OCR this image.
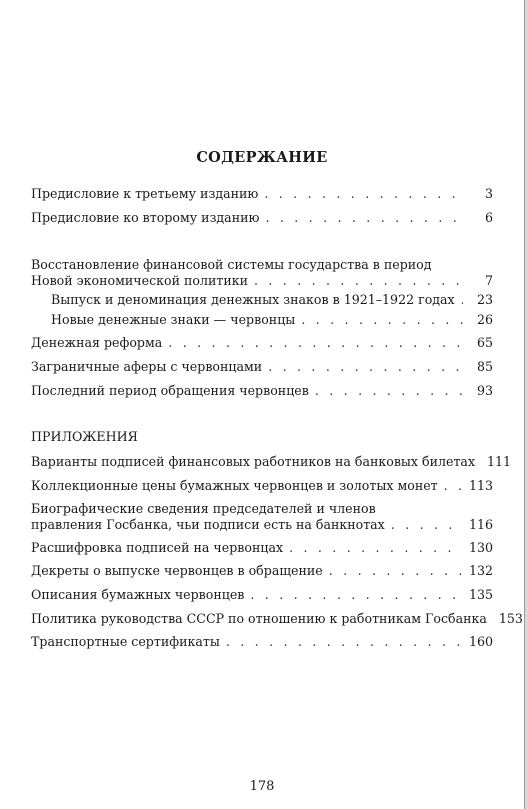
СОДЕРЖАНИЕ
Предисловие к третьему изданию . . .	3
Предисловие ко второму изданию . . .	6
Восстановление финансовой системы государства в период
Новой экономической политики . . .	7
Выпуск и деноминация денежных знаков в 1921–1922 годах . . .	23
Новые денежные знаки — червонцы . . .	26
Денежная реформа . . .	65
Заграничные аферы с червонцами . . .	85
Последний период обращения червонцев . . .	93
Варианты подписей финансовых работников на банковых билетах 111
Коллекционные цены бумажных червонцев и золотых монет . . . 113
Биографические сведения председателей и членов
правления Госбанка, чьи подписи есть на банкнотах . . .	116
Расшифровка подписей на червонцах . . .	130
Декреты о выпуске червонцев в обращение . . .	132
Описания бумажных червонцев . . .	135
Политика руководства СССР по отношению к работникам Госбанка 153
Транспортные сертификаты . . .	160
ПРИЛОЖЕНИЯ
178
